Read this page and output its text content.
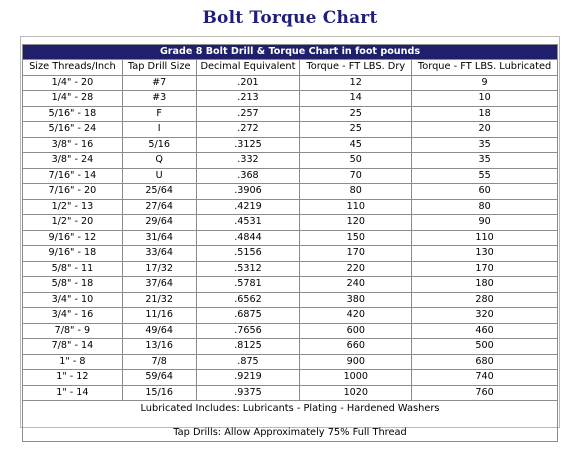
Bolt Torque Chart
Grade 8 Bolt Drill & Torque Chart in foot pounds				
Size Threads/Inch	Tap Drill Size	Decimal Equivalent	Torque - FT LBS. Dry	Torque - FT LBS. Lubricated
1/4" - 20	#7	.201	12	9
1/4" - 28	#3	.213	14	10
5/16" - 18	F	.257	25	18
5/16" - 24	I	.272	25	20
3/8" - 16	5/16	.3125	45	35
3/8" - 24	Q	.332	50	35
7/16" - 14	U	.368	70	55
7/16" - 20	25/64	.3906	80	60
1/2" - 13	27/64	.4219	110	80
1/2" - 20	29/64	.4531	120	90
9/16" - 12	31/64	.4844	150	110
9/16" - 18	33/64	.5156	170	130
5/8" - 11	17/32	.5312	220	170
5/8" - 18	37/64	.5781	240	180
3/4" - 10	21/32	.6562	380	280
3/4" - 16	11/16	.6875	420	320
7/8" - 9	49/64	.7656	600	460
7/8" - 14	13/16	.8125	660	500
1" - 8	7/8	.875	900	680
1" - 12	59/64	.9219	1000	740
1" - 14	15/16	.9375	1020	760

Lubricated Includes: Lubricants - Plating - Hardened Washers
Tap Drills: Allow Approximately 75% Full Thread				
